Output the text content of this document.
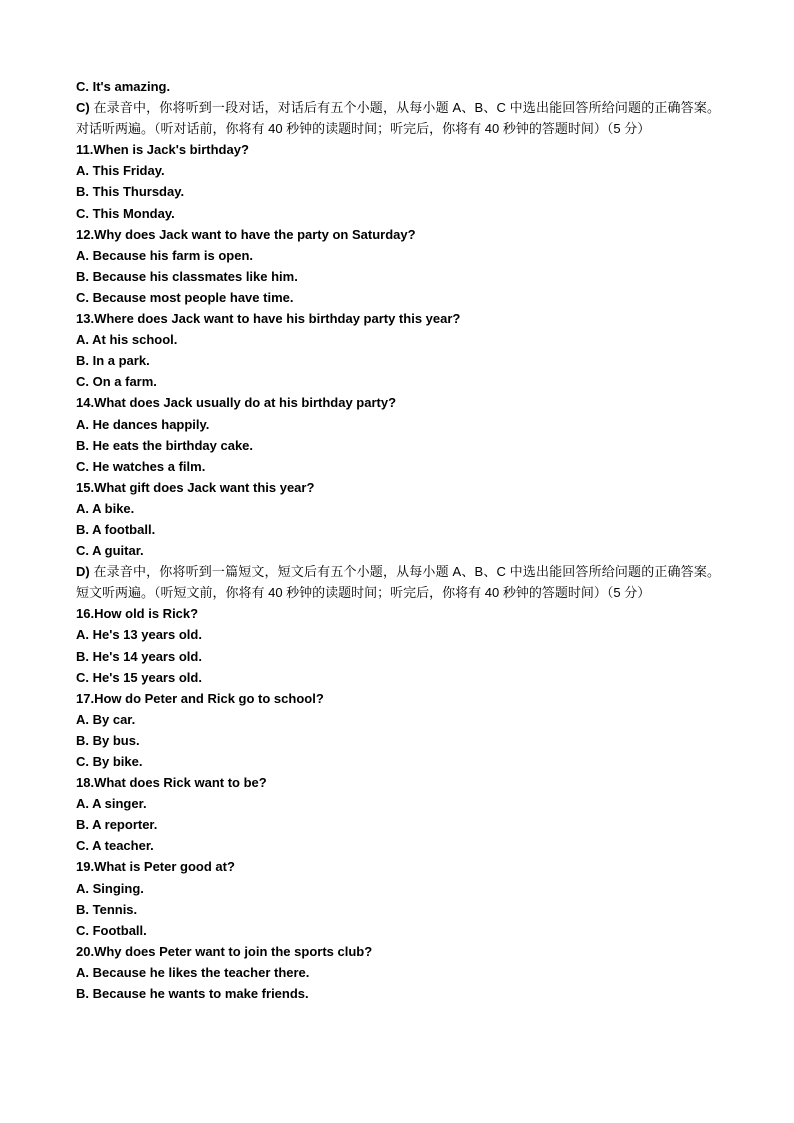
C. It's amazing.
C) 在录音中，你将听到一段对话，对话后有五个小题，从每小题 A、B、C 中选出能回答所给问题的正确答案。对话听两遍。（听对话前，你将有 40 秒钟的读题时间；听完后，你将有 40 秒钟的答题时间）（5 分）
11.When is Jack's birthday?
A. This Friday.
B. This Thursday.
C. This Monday.
12.Why does Jack want to have the party on Saturday?
A. Because his farm is open.
B. Because his classmates like him.
C. Because most people have time.
13.Where does Jack want to have his birthday party this year?
A. At his school.
B. In a park.
C. On a farm.
14.What does Jack usually do at his birthday party?
A. He dances happily.
B. He eats the birthday cake.
C. He watches a film.
15.What gift does Jack want this year?
A. A bike.
B. A football.
C. A guitar.
D) 在录音中，你将听到一篇短文，短文后有五个小题，从每小题 A、B、C 中选出能回答所给问题的正确答案。短文听两遍。（听短文前，你将有 40 秒钟的读题时间；听完后，你将有 40 秒钟的答题时间）（5 分）
16.How old is Rick?
A. He's 13 years old.
B. He's 14 years old.
C. He's 15 years old.
17.How do Peter and Rick go to school?
A. By car.
B. By bus.
C. By bike.
18.What does Rick want to be?
A. A singer.
B. A reporter.
C. A teacher.
19.What is Peter good at?
A. Singing.
B. Tennis.
C. Football.
20.Why does Peter want to join the sports club?
A. Because he likes the teacher there.
B. Because he wants to make friends.
